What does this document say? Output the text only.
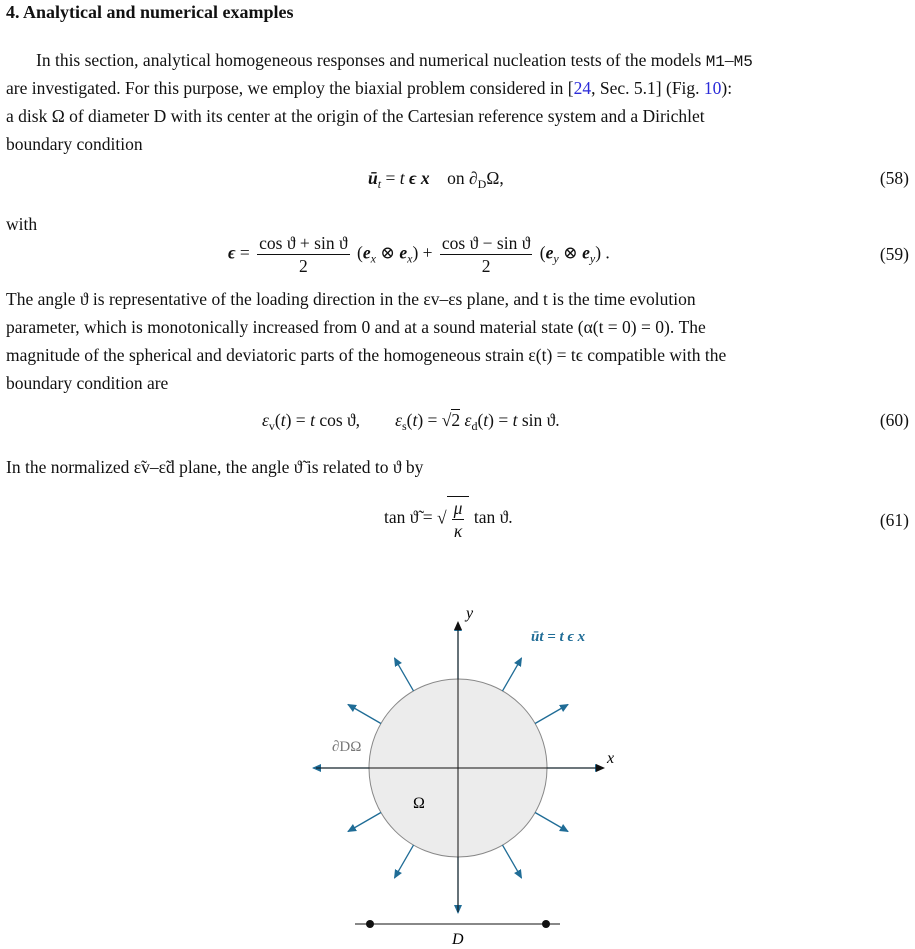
4. Analytical and numerical examples
In this section, analytical homogeneous responses and numerical nucleation tests of the models M1–M5
are investigated. For this purpose, we employ the biaxial problem considered in [24, Sec. 5.1] (Fig. 10):
a disk Ω of diameter D with its center at the origin of the Cartesian reference system and a Dirichlet
boundary condition
$ū_t = t$ ϵ x    on $\partial_D\Omega$,	(58)
with
$\epsilon = \frac{\text{cos ϑ + sin ϑ}}{2} (e_x$ ⊗ $e_x) + \frac{\text{cos ϑ − sin ϑ}}{2} (e_y$ ⊗ $e_y$) .	(59)
The angle ϑ is representative of the loading direction in the εv–εs plane, and t is the time evolution
parameter, which is monotonically increased from 0 and at a sound material state (α(t = 0) = 0). The
magnitude of the spherical and deviatoric parts of the homogeneous strain ε(t) = tϵ compatible with the
boundary condition are
$\varepsilon_v(t) = t$ cos ϑ,        $\varepsilon_s(t) = √2$ $\varepsilon_d(t) = t$ sin ϑ.	(60)
In the normalized ε̃v–ε̃d plane, the angle ϑ̃ is related to ϑ by
tan ϑ̃ = √ $\frac{\mu}{\kappa}$ tan ϑ.	(61)
y
x
∂DΩ
Ω
ūt = t ϵ x
D
